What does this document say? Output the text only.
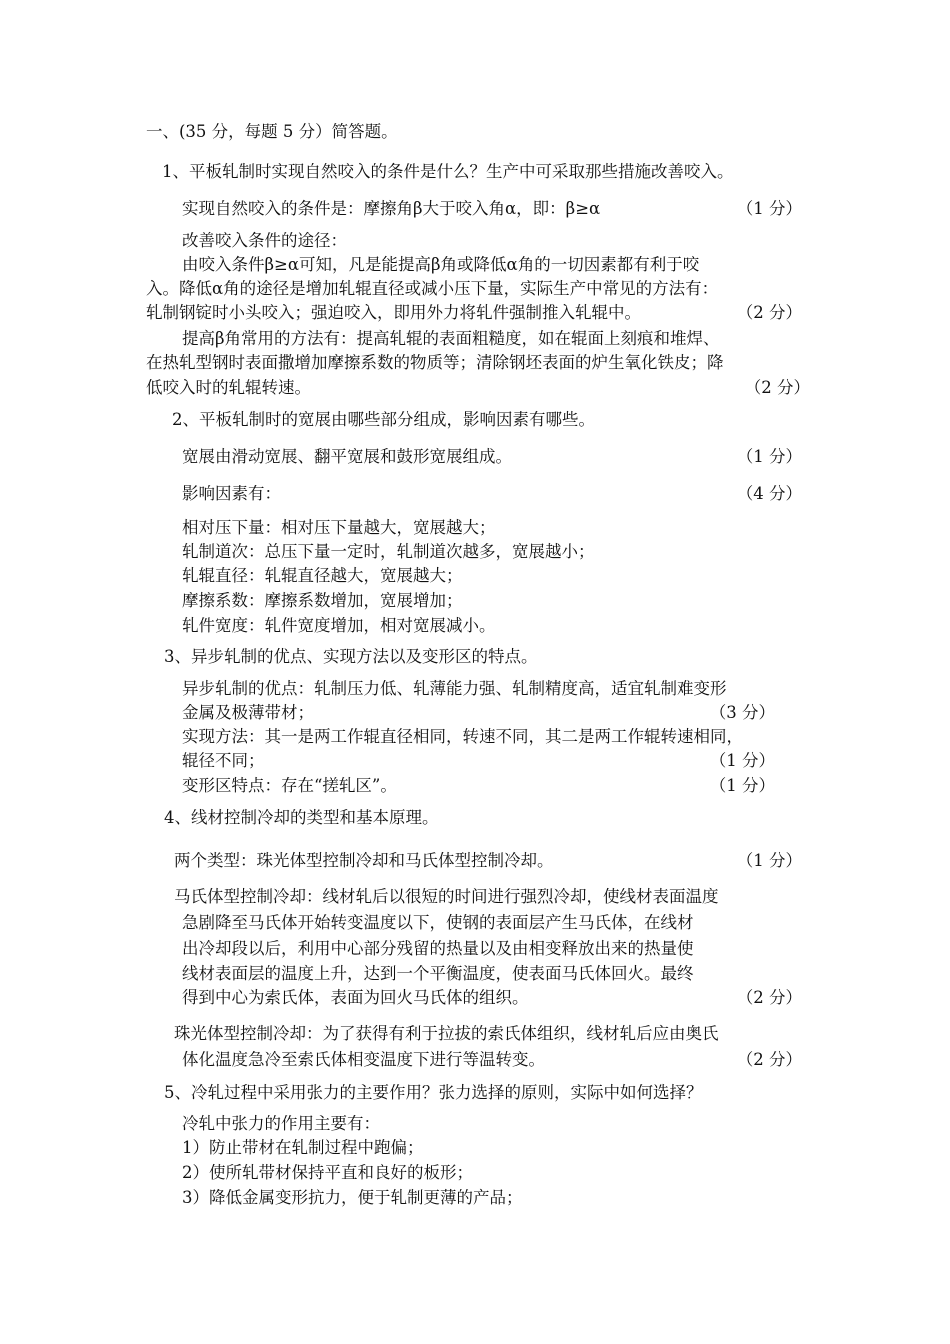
一、(35 分，每题 5 分）简答题。
1、平板轧制时实现自然咬入的条件是什么？生产中可采取那些措施改善咬入。
实现自然咬入的条件是：摩擦角β大于咬入角α，即：β≥α	（1 分）
改善咬入条件的途径：
由咬入条件β≥α可知，凡是能提高β角或降低α角的一切因素都有利于咬
入。降低α角的途径是增加轧辊直径或减小压下量，实际生产中常见的方法有：
轧制钢锭时小头咬入；强迫咬入，即用外力将轧件强制推入轧辊中。	（2 分）
提高β角常用的方法有：提高轧辊的表面粗糙度，如在辊面上刻痕和堆焊、
在热轧型钢时表面撒增加摩擦系数的物质等；清除钢坯表面的炉生氧化铁皮；降
低咬入时的轧辊转速。	（2 分）
2、平板轧制时的宽展由哪些部分组成，影响因素有哪些。
宽展由滑动宽展、翻平宽展和鼓形宽展组成。	（1 分）
影响因素有：	（4 分）
相对压下量：相对压下量越大，宽展越大；
轧制道次：总压下量一定时，轧制道次越多，宽展越小；
轧辊直径：轧辊直径越大，宽展越大；
摩擦系数：摩擦系数增加，宽展增加；
轧件宽度：轧件宽度增加，相对宽展减小。
3、异步轧制的优点、实现方法以及变形区的特点。
异步轧制的优点：轧制压力低、轧薄能力强、轧制精度高，适宜轧制难变形
金属及极薄带材；	（3 分）
实现方法：其一是两工作辊直径相同，转速不同，其二是两工作辊转速相同，
辊径不同；	（1 分）
变形区特点：存在“搓轧区”。	（1 分）
4、线材控制冷却的类型和基本原理。
两个类型：珠光体型控制冷却和马氏体型控制冷却。	（1 分）
马氏体型控制冷却：线材轧后以很短的时间进行强烈冷却，使线材表面温度
急剧降至马氏体开始转变温度以下，使钢的表面层产生马氏体，在线材
出冷却段以后，利用中心部分残留的热量以及由相变释放出来的热量使
线材表面层的温度上升，达到一个平衡温度，使表面马氏体回火。最终
得到中心为索氏体，表面为回火马氏体的组织。	（2 分）
珠光体型控制冷却：为了获得有利于拉拔的索氏体组织，线材轧后应由奥氏
体化温度急冷至索氏体相变温度下进行等温转变。	（2 分）
5、冷轧过程中采用张力的主要作用？张力选择的原则，实际中如何选择？
冷轧中张力的作用主要有：
1）防止带材在轧制过程中跑偏；
2）使所轧带材保持平直和良好的板形；
3）降低金属变形抗力，便于轧制更薄的产品；
